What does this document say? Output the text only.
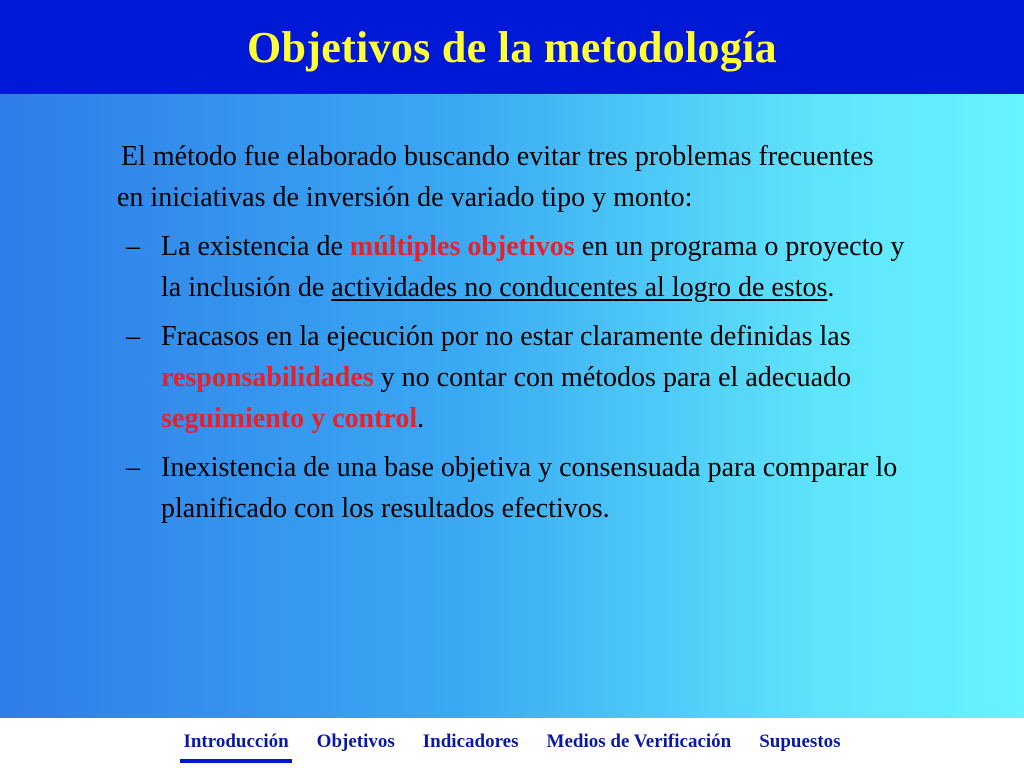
Objetivos de la metodología

El método fue elaborado buscando evitar tres problemas frecuentes en iniciativas de inversión de variado tipo y monto:

– La existencia de múltiples objetivos en un programa o proyecto y la inclusión de actividades no conducentes al logro de estos.
– Fracasos en la ejecución por no estar claramente definidas las responsabilidades y no contar con métodos para el adecuado seguimiento y control.
– Inexistencia de una base objetiva y consensuada para comparar lo planificado con los resultados efectivos.
Introducción Objetivos Indicadores Medios de Verificación Supuestos
